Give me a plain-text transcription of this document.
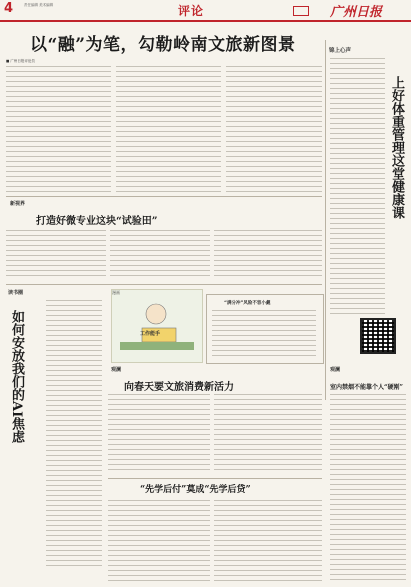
4	责任编辑 美术编辑	评论	广州日报
以“融”为笔，勾勒岭南文旅新图景
■ 广州日报评论员
锦上心声
上好体重管理这堂健康课
新视界
打造好微专业这块“试验田”
读书圈
如何安放我们的AI焦虑	工作能手
漫画
“满分冲”风险不容小觑
观澜
向春天要文旅消费新活力
观澜
室内禁烟不能靠个人“硬刚”
“先学后付”莫成“先学后贷”
